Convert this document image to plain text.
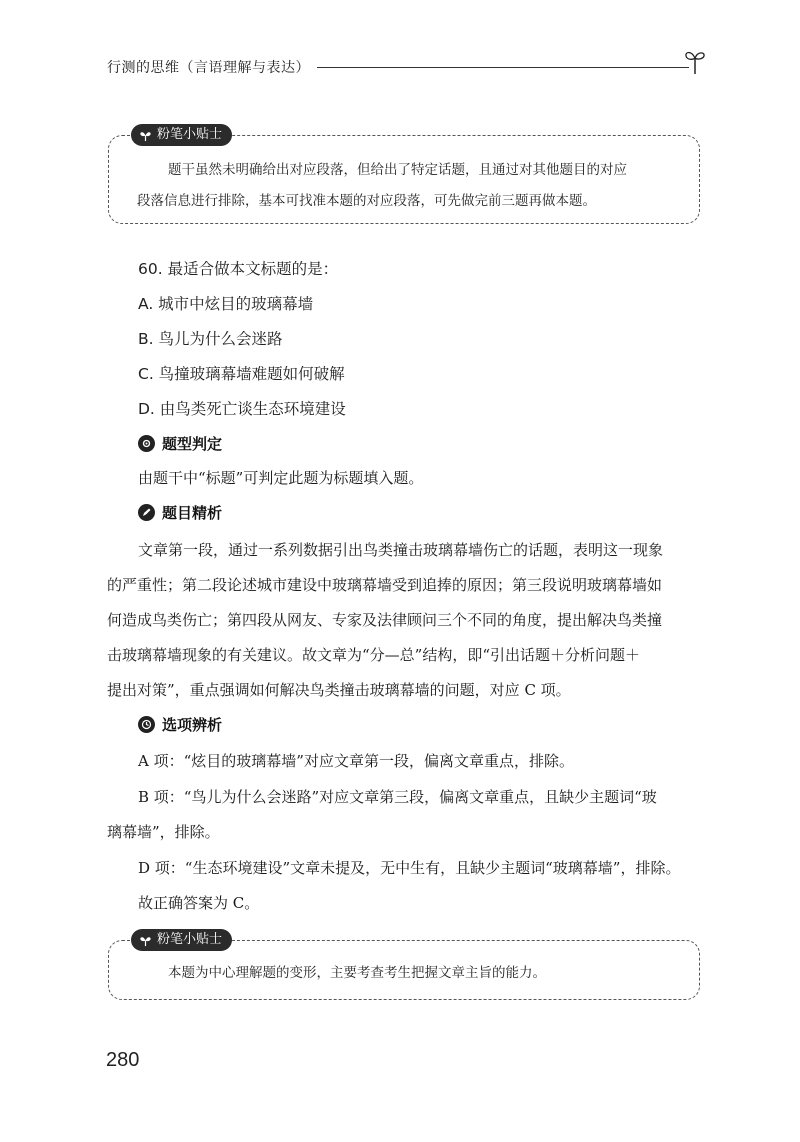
行测的思维（言语理解与表达）
粉笔小贴士
题干虽然未明确给出对应段落，但给出了特定话题，且通过对其他题目的对应
段落信息进行排除，基本可找准本题的对应段落，可先做完前三题再做本题。
60. 最适合做本文标题的是：
A. 城市中炫目的玻璃幕墙
B. 鸟儿为什么会迷路
C. 鸟撞玻璃幕墙难题如何破解
D. 由鸟类死亡谈生态环境建设
题型判定
由题干中“标题”可判定此题为标题填入题。
题目精析
文章第一段，通过一系列数据引出鸟类撞击玻璃幕墙伤亡的话题，表明这一现象
的严重性；第二段论述城市建设中玻璃幕墙受到追捧的原因；第三段说明玻璃幕墙如
何造成鸟类伤亡；第四段从网友、专家及法律顾问三个不同的角度，提出解决鸟类撞
击玻璃幕墙现象的有关建议。故文章为“分—总”结构，即“引出话题＋分析问题＋
提出对策”，重点强调如何解决鸟类撞击玻璃幕墙的问题，对应 C 项。
选项辨析
A 项：“炫目的玻璃幕墙”对应文章第一段，偏离文章重点，排除。
B 项：“鸟儿为什么会迷路”对应文章第三段，偏离文章重点，且缺少主题词“玻
璃幕墙”，排除。
D 项：“生态环境建设”文章未提及，无中生有，且缺少主题词“玻璃幕墙”，排除。
故正确答案为 C。
粉笔小贴士
本题为中心理解题的变形，主要考查考生把握文章主旨的能力。
280
